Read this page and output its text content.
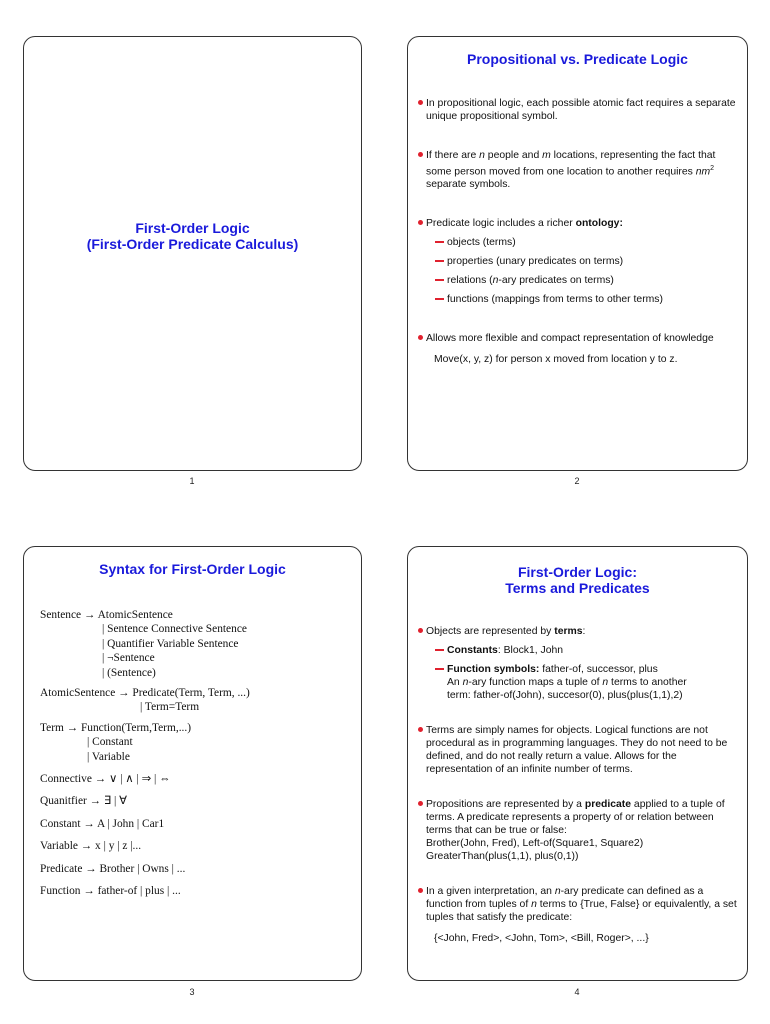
First-Order Logic
(First-Order Predicate Calculus)
1
Propositional vs. Predicate Logic
In propositional logic, each possible atomic fact requires a separate unique propositional symbol.
If there are n people and m locations, representing the fact that some person moved from one location to another requires $nm^2$ separate symbols.
Predicate logic includes a richer ontology:
objects (terms)
properties (unary predicates on terms)
relations (n-ary predicates on terms)
functions (mappings from terms to other terms)
Allows more flexible and compact representation of knowledge
Move(x, y, z) for person x moved from location y to z.
2
Syntax for First-Order Logic
Sentence → AtomicSentence
| Sentence Connective Sentence
| Quantifier Variable Sentence
| ¬Sentence
| (Sentence)
AtomicSentence → Predicate(Term, Term, ...)
| Term=Term
Term → Function(Term,Term,...)
| Constant
| Variable
Connective → ∨ | ∧ | ⇒ | ⇔
Quanitfier → ∃ | ∀
Constant → A | John | Car1
Variable → x | y | z |...
Predicate → Brother | Owns | ...
Function → father-of | plus | ...
3
First-Order Logic:
Terms and Predicates
Objects are represented by terms:
Constants: Block1, John
Function symbols: father-of, successor, plus
An n-ary function maps a tuple of n terms to another
term: father-of(John), succesor(0), plus(plus(1,1),2)
Terms are simply names for objects. Logical functions are not procedural as in programming languages. They do not need to be defined, and do not really return a value. Allows for the representation of an infinite number of terms.
Propositions are represented by a predicate applied to a tuple of terms. A predicate represents a property of or relation between terms that can be true or false:
Brother(John, Fred), Left-of(Square1, Square2)
GreaterThan(plus(1,1), plus(0,1))
In a given interpretation, an n-ary predicate can defined as a function from tuples of n terms to {True, False} or equivalently, a set tuples that satisfy the predicate:
{<John, Fred>, <John, Tom>, <Bill, Roger>, ...}
4
